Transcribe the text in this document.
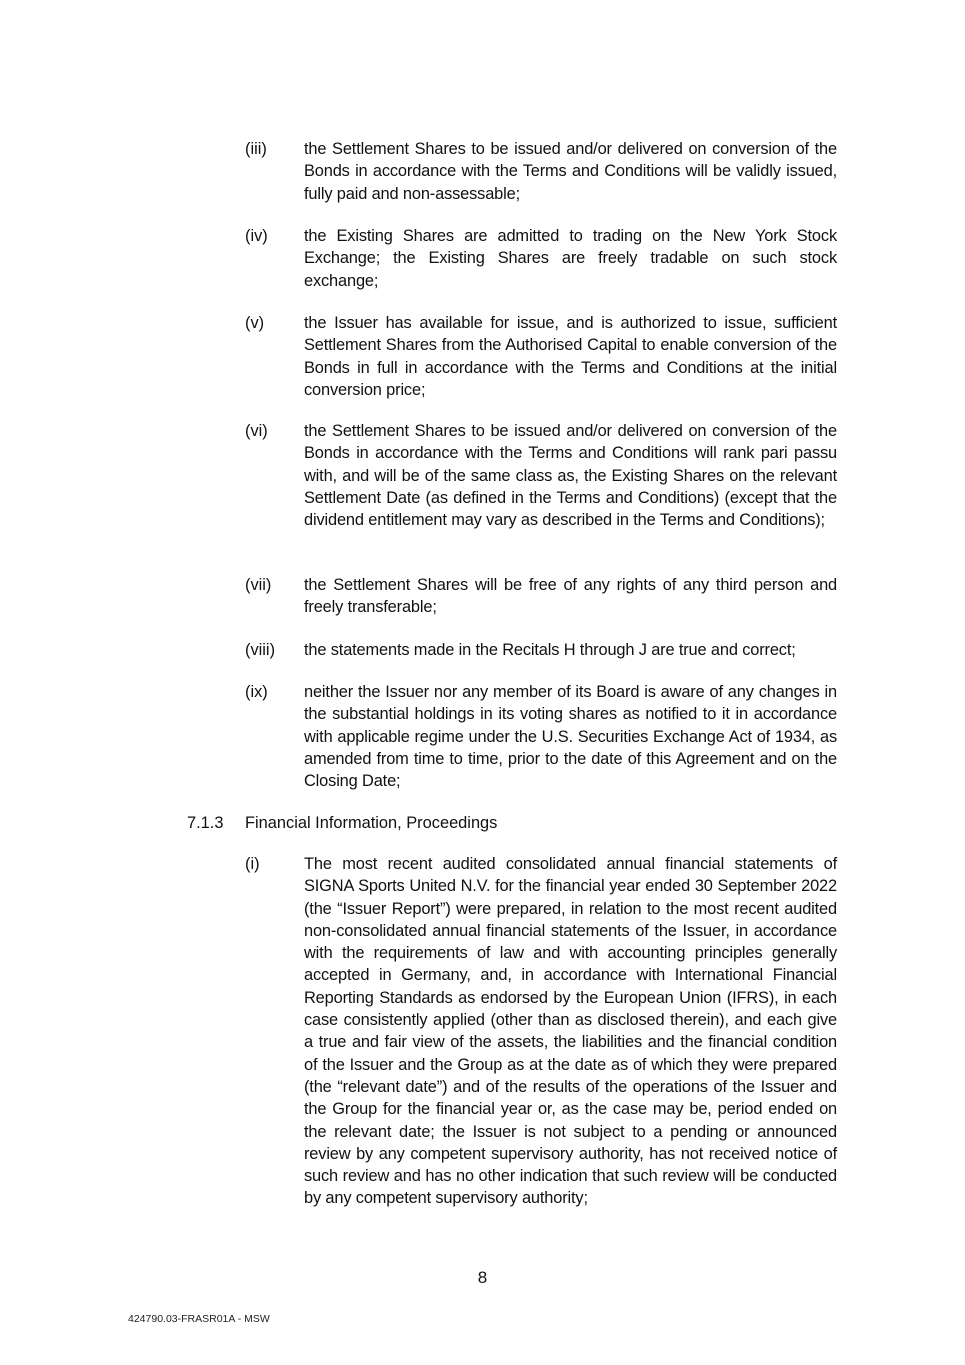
(iii)	the Settlement Shares to be issued and/or delivered on conversion of the Bonds in accordance with the Terms and Conditions will be validly issued, fully paid and non-assessable;
(iv)	the Existing Shares are admitted to trading on the New York Stock Exchange; the Existing Shares are freely tradable on such stock exchange;
(v)	the Issuer has available for issue, and is authorized to issue, sufficient Settlement Shares from the Authorised Capital to enable conversion of the Bonds in full in accordance with the Terms and Conditions at the initial conversion price;
(vi)	the Settlement Shares to be issued and/or delivered on conversion of the Bonds in accordance with the Terms and Conditions will rank pari passu with, and will be of the same class as, the Existing Shares on the relevant Settlement Date (as defined in the Terms and Conditions) (except that the dividend entitlement may vary as described in the Terms and Conditions);
(vii)	the Settlement Shares will be free of any rights of any third person and freely transferable;
(viii)	the statements made in the Recitals H through J are true and correct;
(ix)	neither the Issuer nor any member of its Board is aware of any changes in the substantial holdings in its voting shares as notified to it in accordance with applicable regime under the U.S. Securities Exchange Act of 1934, as amended from time to time, prior to the date of this Agreement and on the Closing Date;
7.1.3 Financial Information, Proceedings
(i)	The most recent audited consolidated annual financial statements of SIGNA Sports United N.V. for the financial year ended 30 September 2022 (the “Issuer Report”) were prepared, in relation to the most recent audited non-consolidated annual financial statements of the Issuer, in accordance with the requirements of law and with accounting principles generally accepted in Germany, and, in accordance with International Financial Reporting Standards as endorsed by the European Union (IFRS), in each case consistently applied (other than as disclosed therein), and each give a true and fair view of the assets, the liabilities and the financial condition of the Issuer and the Group as at the date as of which they were prepared (the “relevant date”) and of the results of the operations of the Issuer and the Group for the financial year or, as the case may be, period ended on the relevant date; the Issuer is not subject to a pending or announced review by any competent supervisory authority, has not received notice of such review and has no other indication that such review will be conducted by any competent supervisory authority;
8
424790.03-FRASR01A - MSW
